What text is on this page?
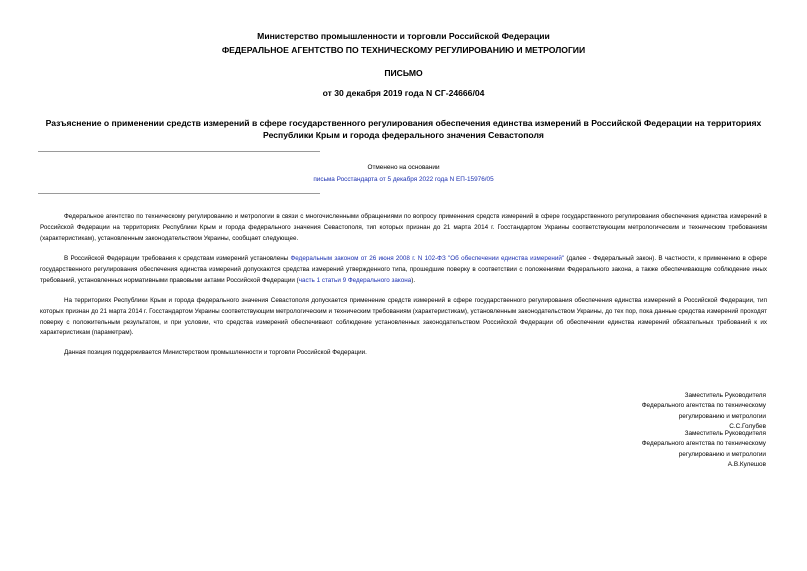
Министерство промышленности и торговли Российской Федерации
ФЕДЕРАЛЬНОЕ АГЕНТСТВО ПО ТЕХНИЧЕСКОМУ РЕГУЛИРОВАНИЮ И МЕТРОЛОГИИ
ПИСЬМО
от 30 декабря 2019 года N СГ-24666/04
Разъяснение о применении средств измерений в сфере государственного регулирования обеспечения единства измерений в Российской Федерации на территориях Республики Крым и города федерального значения Севастополя
Отменено на основании
письма Росстандарта от 5 декабря 2022 года N ЕП-15976/05

Федеральное агентство по техническому регулированию и метрологии в связи с многочисленными обращениями по вопросу применения средств измерений в сфере государственного регулирования обеспечения единства измерений в Российской Федерации на территориях Республики Крым и города федерального значения Севастополя, тип которых признан до 21 марта 2014 г. Госстандартом Украины соответствующим метрологическим и техническим требованиям (характеристикам), установленным законодательством Украины, сообщает следующее.

В Российской Федерации требования к средствам измерений установлены Федеральным законом от 26 июня 2008 г. N 102-ФЗ "Об обеспечении единства измерений" (далее - Федеральный закон). В частности, к применению в сфере государственного регулирования обеспечения единства измерений допускаются средства измерений утвержденного типа, прошедшие поверку в соответствии с положениями Федерального закона, а также обеспечивающие соблюдение иных требований, установленных нормативными правовыми актами Российской Федерации (часть 1 статьи 9 Федерального закона).

На территориях Республики Крым и города федерального значения Севастополя допускается применение средств измерений в сфере государственного регулирования обеспечения единства измерений в Российской Федерации, тип которых признан до 21 марта 2014 г. Госстандартом Украины соответствующим метрологическим и техническим требованиям (характеристикам), установленным законодательством Украины, до тех пор, пока данные средства измерений проходят поверку с положительным результатом, и при условии, что средства измерений обеспечивают соблюдение установленных законодательством Российской Федерации об обеспечении единства измерений обязательных требований к их характеристикам (параметрам).

Данная позиция поддерживается Министерством промышленности и торговли Российской Федерации.

Заместитель Руководителя
Федерального агентства по техническому
регулированию и метрологии
С.С.Голубев
Заместитель Руководителя
Федерального агентства по техническому
регулированию и метрологии
А.В.Кулешов
